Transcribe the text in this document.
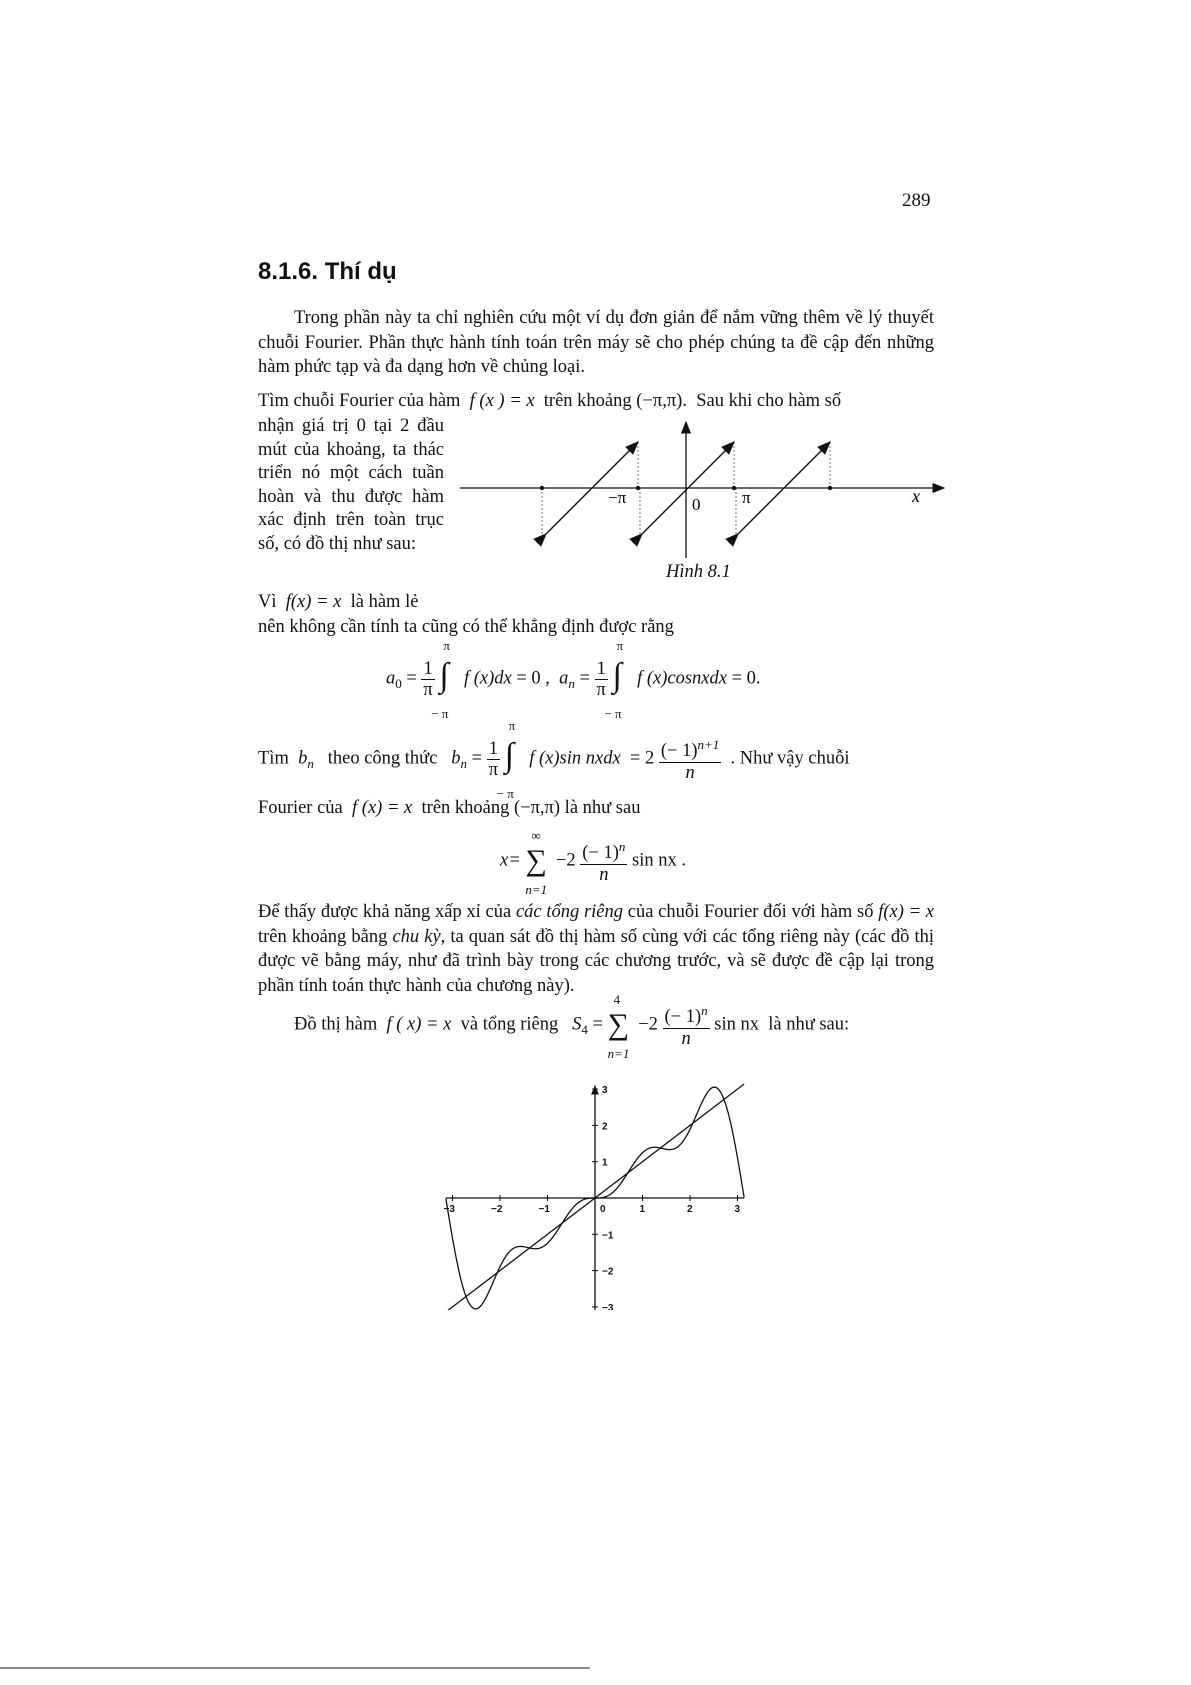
289
8.1.6. Thí dụ
Trong phần này ta chỉ nghiên cứu một ví dụ đơn giản để nắm vững thêm về lý thuyết chuỗi Fourier. Phần thực hành tính toán trên máy sẽ cho phép chúng ta đề cập đến những hàm phức tạp và đa dạng hơn về chủng loại.
Tìm chuỗi Fourier của hàm f (x ) = x trên khoảng (−π,π). Sau khi cho hàm số
nhận giá trị 0 tại 2 đầu mút của khoảng, ta thác triển nó một cách tuần hoàn và thu được hàm xác định trên toàn trục số, có đồ thị như sau:
−π	0 π	x
Hình 8.1
Vì f(x) = x là hàm lẻ
nên không cần tính ta cũng có thể khẳng định được rằng
$a_0 = \frac{1}{\pi}$

π
∫
− π
f (x)dx = 0 , $a_n = \frac{1}{\pi}$

π
∫
− π
f (x)cosnxdx = 0.
Tìm $b_n$ theo công thức $b_n = \frac{1}{\pi}$

π
∫
− π
f (x)sin nxdx = $2 \frac{(- 1)^{n+1}}{n}$ . Như vậy chuỗi
Fourier của f (x) = x trên khoảng (−π,π) là như sau
x=
∞
∑
n=1
$-2 \frac{(- 1)^n}{n}$ sin nx .
Để thấy được khả năng xấp xỉ của các tổng riêng của chuỗi Fourier đối với hàm số f(x) = x trên khoảng bằng chu kỳ, ta quan sát đồ thị hàm số cùng với các tổng riêng này (các đồ thị được vẽ bằng máy, như đã trình bày trong các chương trước, và sẽ được đề cập lại trong phần tính toán thực hành của chương này).
Đồ thị hàm f ( x) = x và tổng riêng $S_4$ =
4
∑
n=1
$-2 \frac{(- 1)^n}{n}$ sin nx là như sau:
−3	−2	−1	0	1	2	3
3
2
1
−1
−2
−3
